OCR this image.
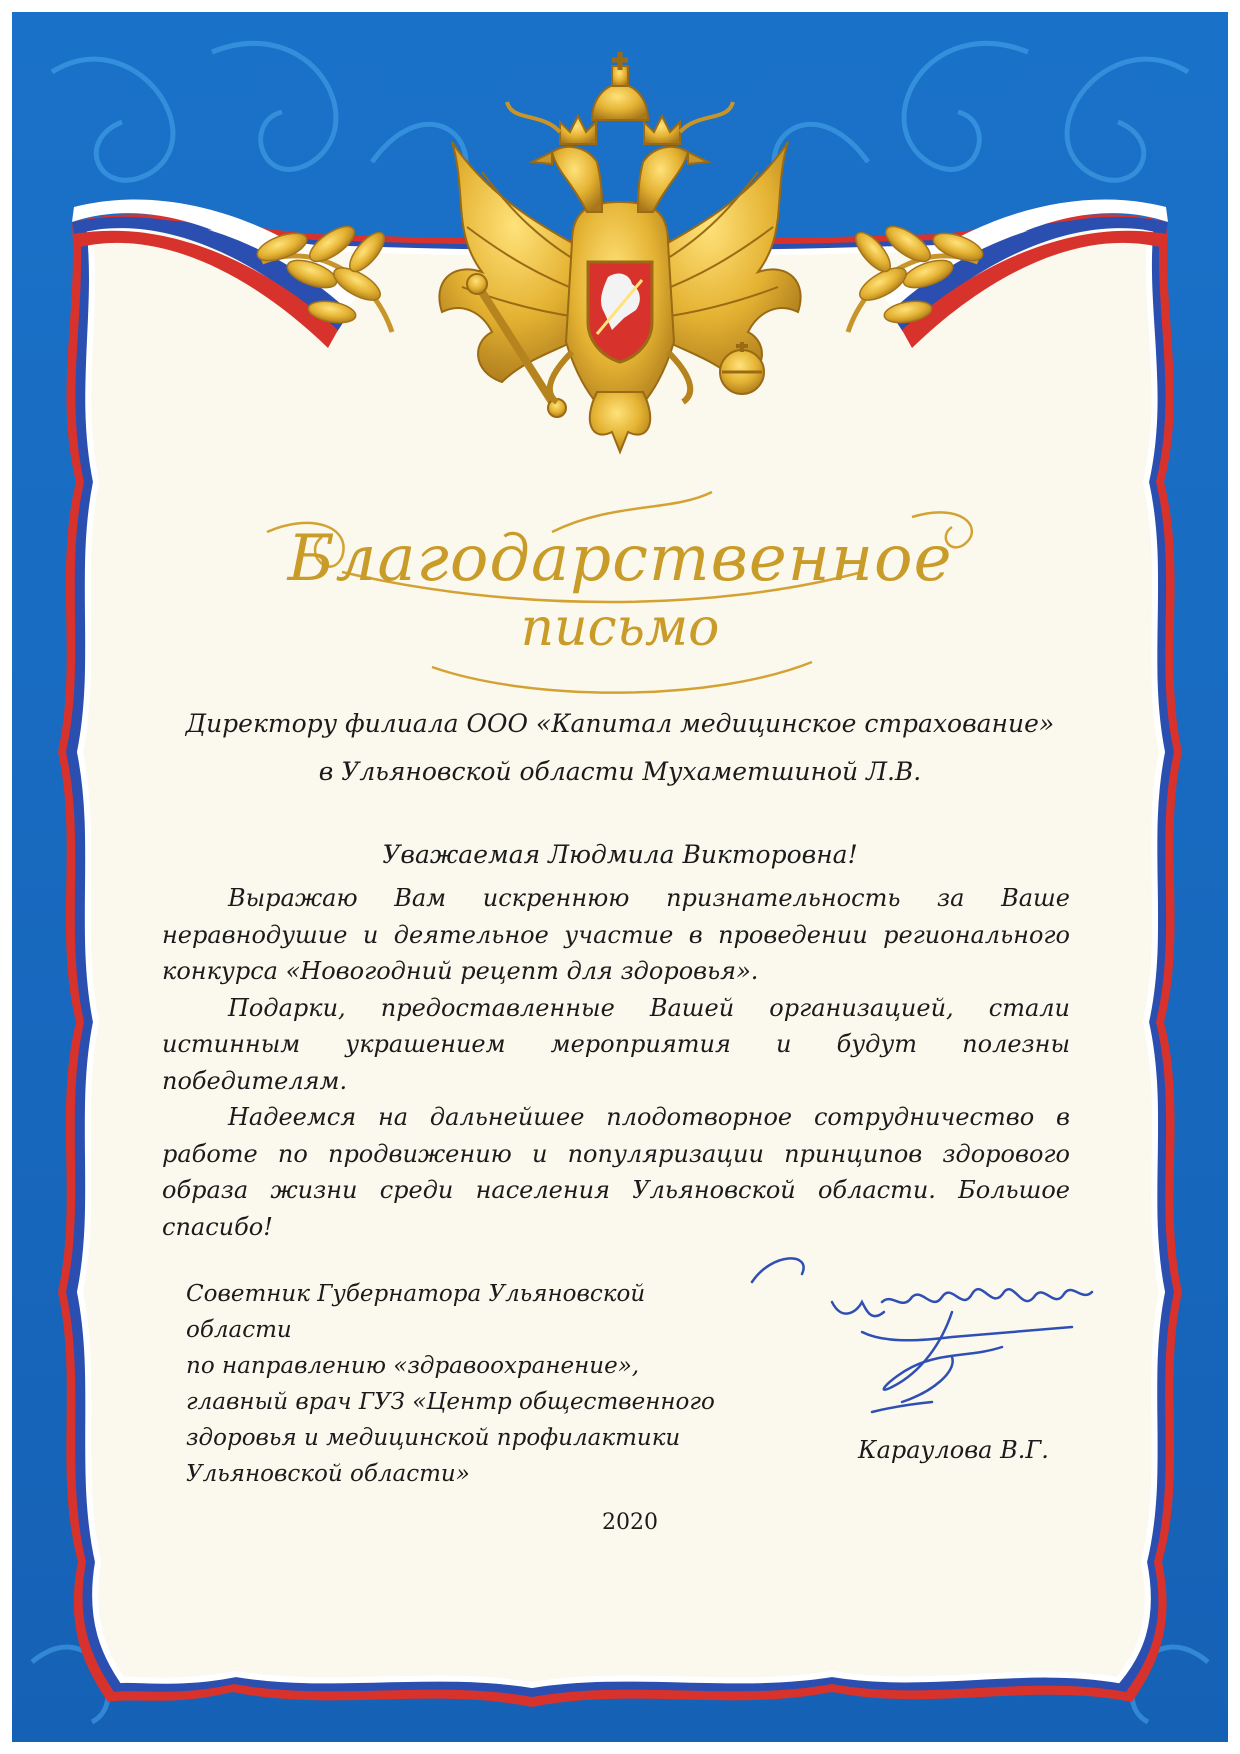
Благодарственное
письмо
Директору филиала ООО «Капитал медицинское страхование»
в Ульяновской области Мухаметшиной Л.В.
Уважаемая Людмила Викторовна!

Выражаю Вам искреннюю признательность за Ваше неравнодушие и деятельное участие в проведении регионального конкурса «Новогодний рецепт для здоровья».

Подарки, предоставленные Вашей организацией, стали истинным украшением мероприятия и будут полезны победителям.

Надеемся на дальнейшее плодотворное сотрудничество в работе по продвижению и популяризации принципов здорового образа жизни среди населения Ульяновской области. Большое спасибо!

Советник Губернатора Ульяновской области
по направлению «здравоохранение»,
главный врач ГУЗ «Центр общественного
здоровья и медицинской профилактики
Ульяновской области»
Караулова В.Г.
2020
